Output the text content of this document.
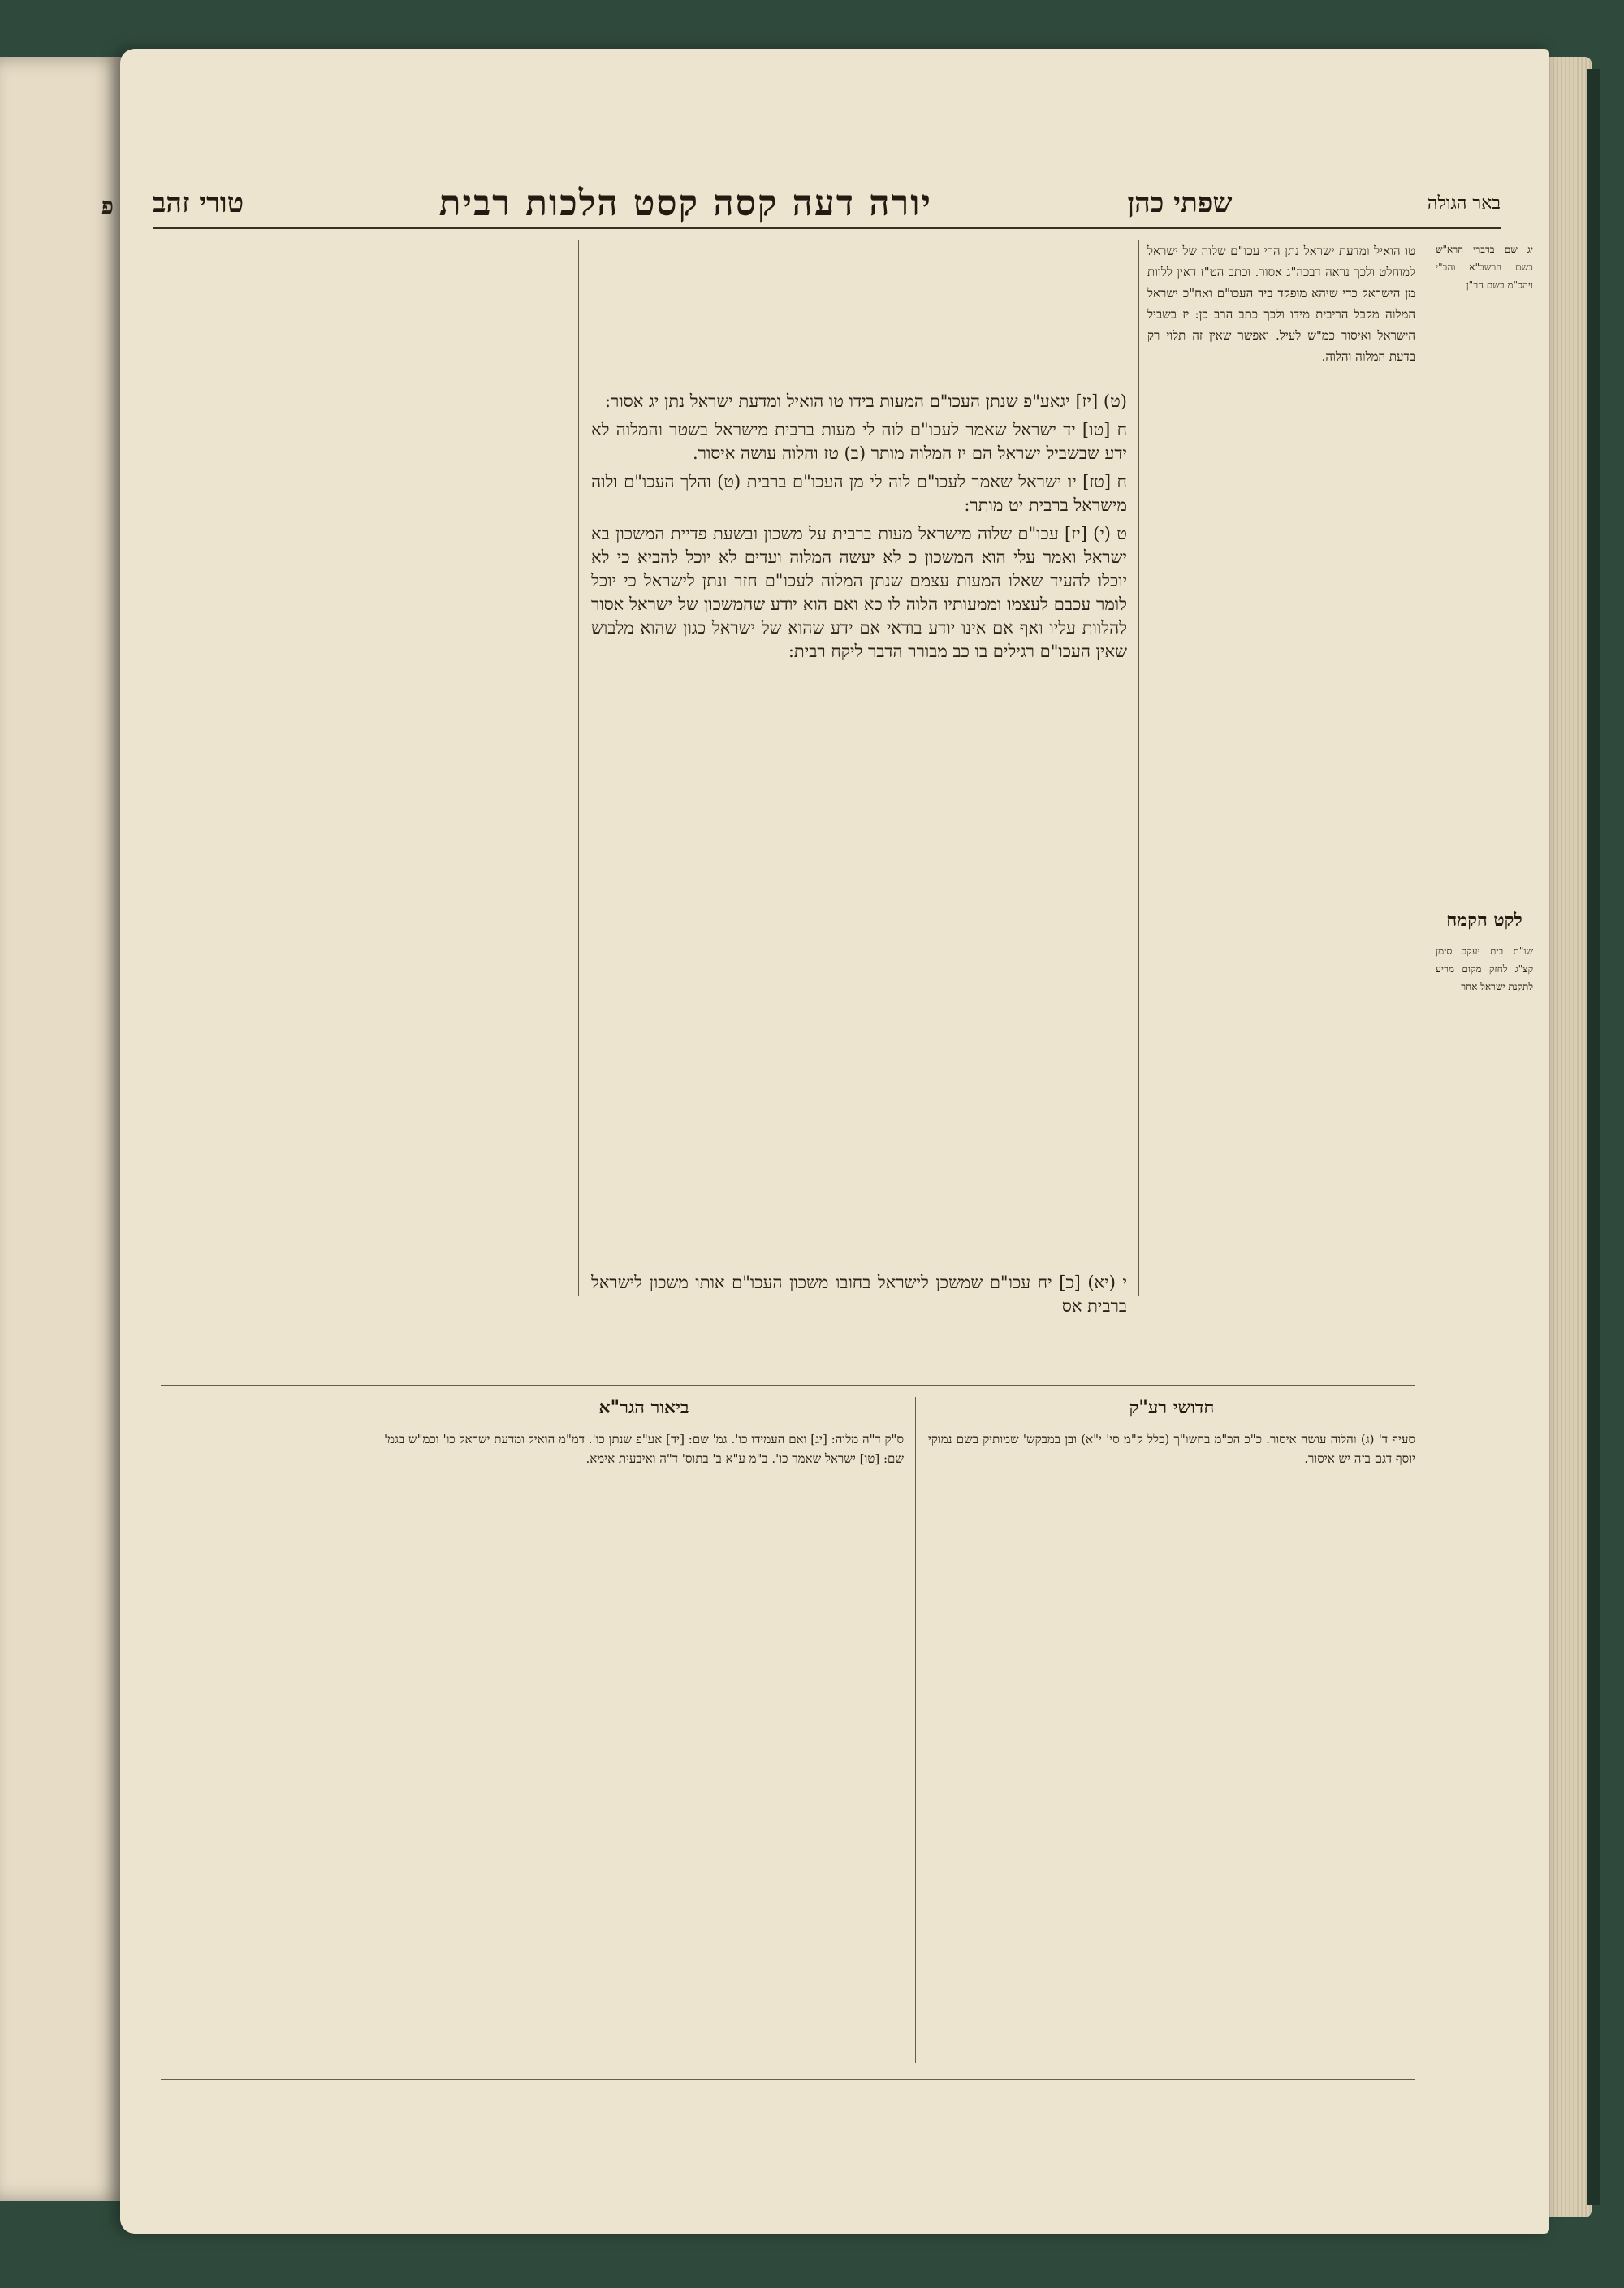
פ	באר הגולה
שפתי כהן
יורה דעה קסה קסט הלכות רבית
טורי זהב

יג שם בדברי הרא"ש בשם הרשב"א והב"י ויהכ"מ בשם הר"ן

לקט הקמח

שו"ת בית יעקב סימן קצ"ג לחזק מקום מריע לתקנת ישראל אחר

טו הואיל ומדעת ישראל נתן הרי עכו"ם שלוה של ישראל למוחלט ולכך נראה דבכה"ג אסור. וכתב הט"ז דאין ללוות מן הישראל כדי שיהא מופקד ביד העכו"ם ואח"כ ישראל המלוה מקבל הריבית מידו ולכך כתב הרב כן: יז בשביל הישראל ואיסור כמ"ש לעיל. ואפשר שאין זה תלוי רק בדעת המלוה והלוה.

(ט) [יז] יגאע"פ שנתן העכו"ם המעות בידו טו הואיל ומדעת ישראל נתן יג אסור:

ח [טו] יד ישראל שאמר לעכו"ם לוה לי מעות ברבית מישראל בשטר והמלוה לא ידע שבשביל ישראל הם יז המלוה מותר (ב) טז והלוה עושה איסור.

ח [טז] יו ישראל שאמר לעכו"ם לוה לי מן העכו"ם ברבית (ט) והלך העכו"ם ולוה מישראל ברבית יט מותר:

ט (י) [יז] עכו"ם שלוה מישראל מעות ברבית על משכון ובשעת פדיית המשכון בא ישראל ואמר עלי הוא המשכון כ לא יעשה המלוה ועדים לא יוכל להביא כי לא יוכלו להעיד שאלו המעות עצמם שנתן המלוה לעכו"ם חזר ונתן לישראל כי יוכל לומר עכבם לעצמו וממעותיו הלוה לו כא ואם הוא יודע שהמשכון של ישראל אסור להלוות עליו ואף אם אינו יודע בודאי אם ידע שהוא של ישראל כגון שהוא מלבוש שאין העכו"ם רגילים בו כב מבורר הדבר ליקח רבית:

י (יא) [כ] יח עכו"ם שמשכן לישראל בחובו משכון העכו"ם אותו משכון לישראל ברבית אס

חדושי רע"ק

סעיף ד' (ג) והלוה עושה איסור. כ"כ הכ"מ בחשו"ך (כלל ק"מ סי' י"א) ובן במבקש' שמותיק בשם נמוקי יוסף דגם בזה יש איסור.

ביאור הגר"א

ס"ק ד"ה מלוה: [יג] ואם העמידו כו'. גמ' שם: [יד] אע"פ שנתן כו'. דמ"מ הואיל ומדעת ישראל כו' וכמ"ש בגמ' שם: [טו] ישראל שאמר כו'. ב"מ ע"א ב' בתוס' ד"ה ואיבעית אימא.
